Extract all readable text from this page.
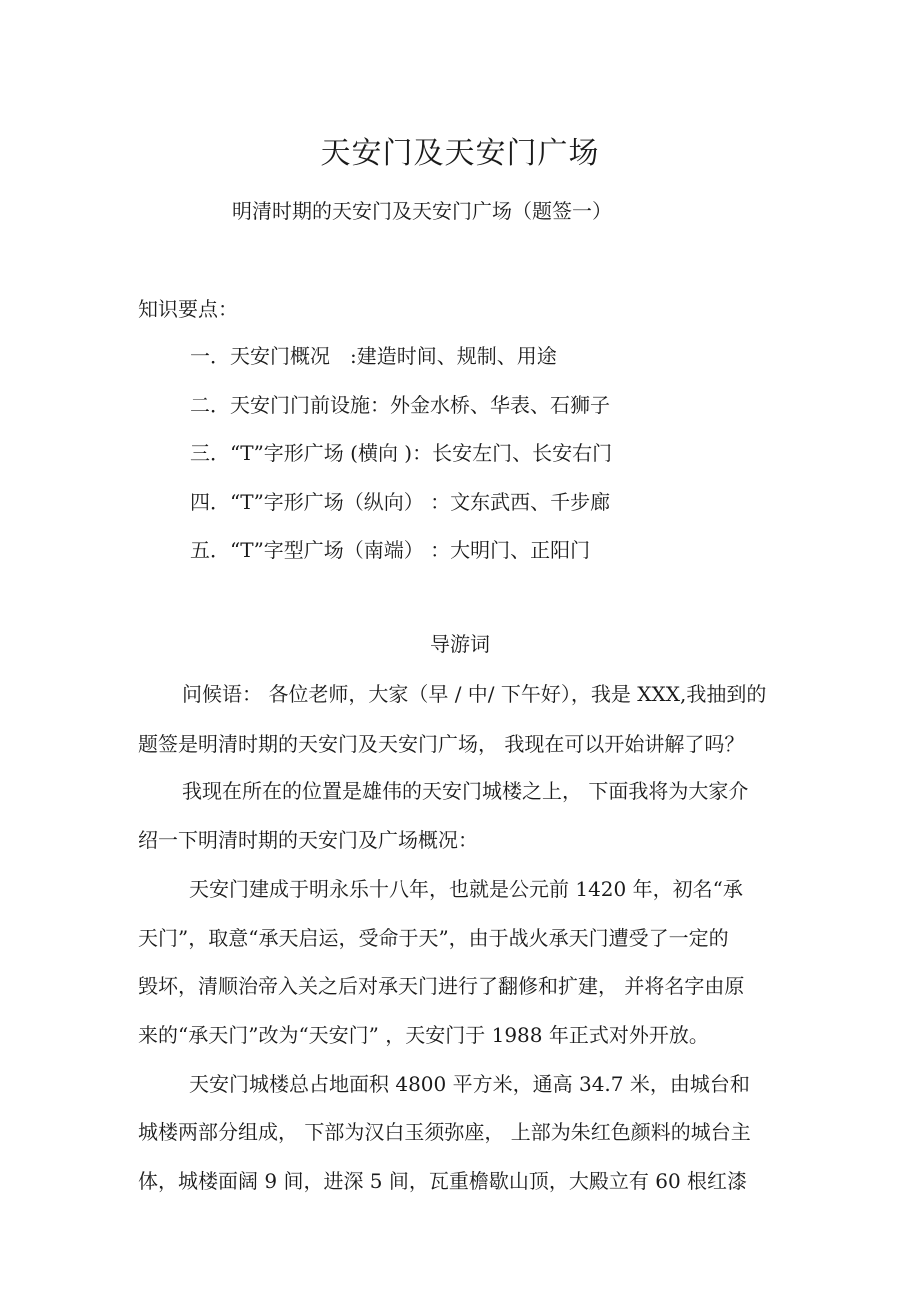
天安门及天安门广场
明清时期的天安门及天安门广场（题签一）
知识要点：
一．天安门概况　:建造时间、规制、用途
二．天安门门前设施：外金水桥、华表、石狮子
三．“T”字形广场 (横向 )：长安左门、长安右门
四．“T”字形广场（纵向） ：文东武西、千步廊
五．“T”字型广场（南端） ：大明门、正阳门
导游词
问候语： 各位老师，大家（早 / 中/ 下午好），我是 XXX,我抽到的
题签是明清时期的天安门及天安门广场， 我现在可以开始讲解了吗？
我现在所在的位置是雄伟的天安门城楼之上， 下面我将为大家介
绍一下明清时期的天安门及广场概况：
天安门建成于明永乐十八年，也就是公元前 1420 年，初名“承
天门”，取意“承天启运，受命于天”，由于战火承天门遭受了一定的
毁坏，清顺治帝入关之后对承天门进行了翻修和扩建， 并将名字由原
来的“承天门”改为“天安门” ，天安门于 1988 年正式对外开放。
天安门城楼总占地面积 4800 平方米，通高 34.7 米，由城台和
城楼两部分组成， 下部为汉白玉须弥座， 上部为朱红色颜料的城台主
体，城楼面阔 9 间，进深 5 间，瓦重檐歇山顶，大殿立有 60 根红漆
